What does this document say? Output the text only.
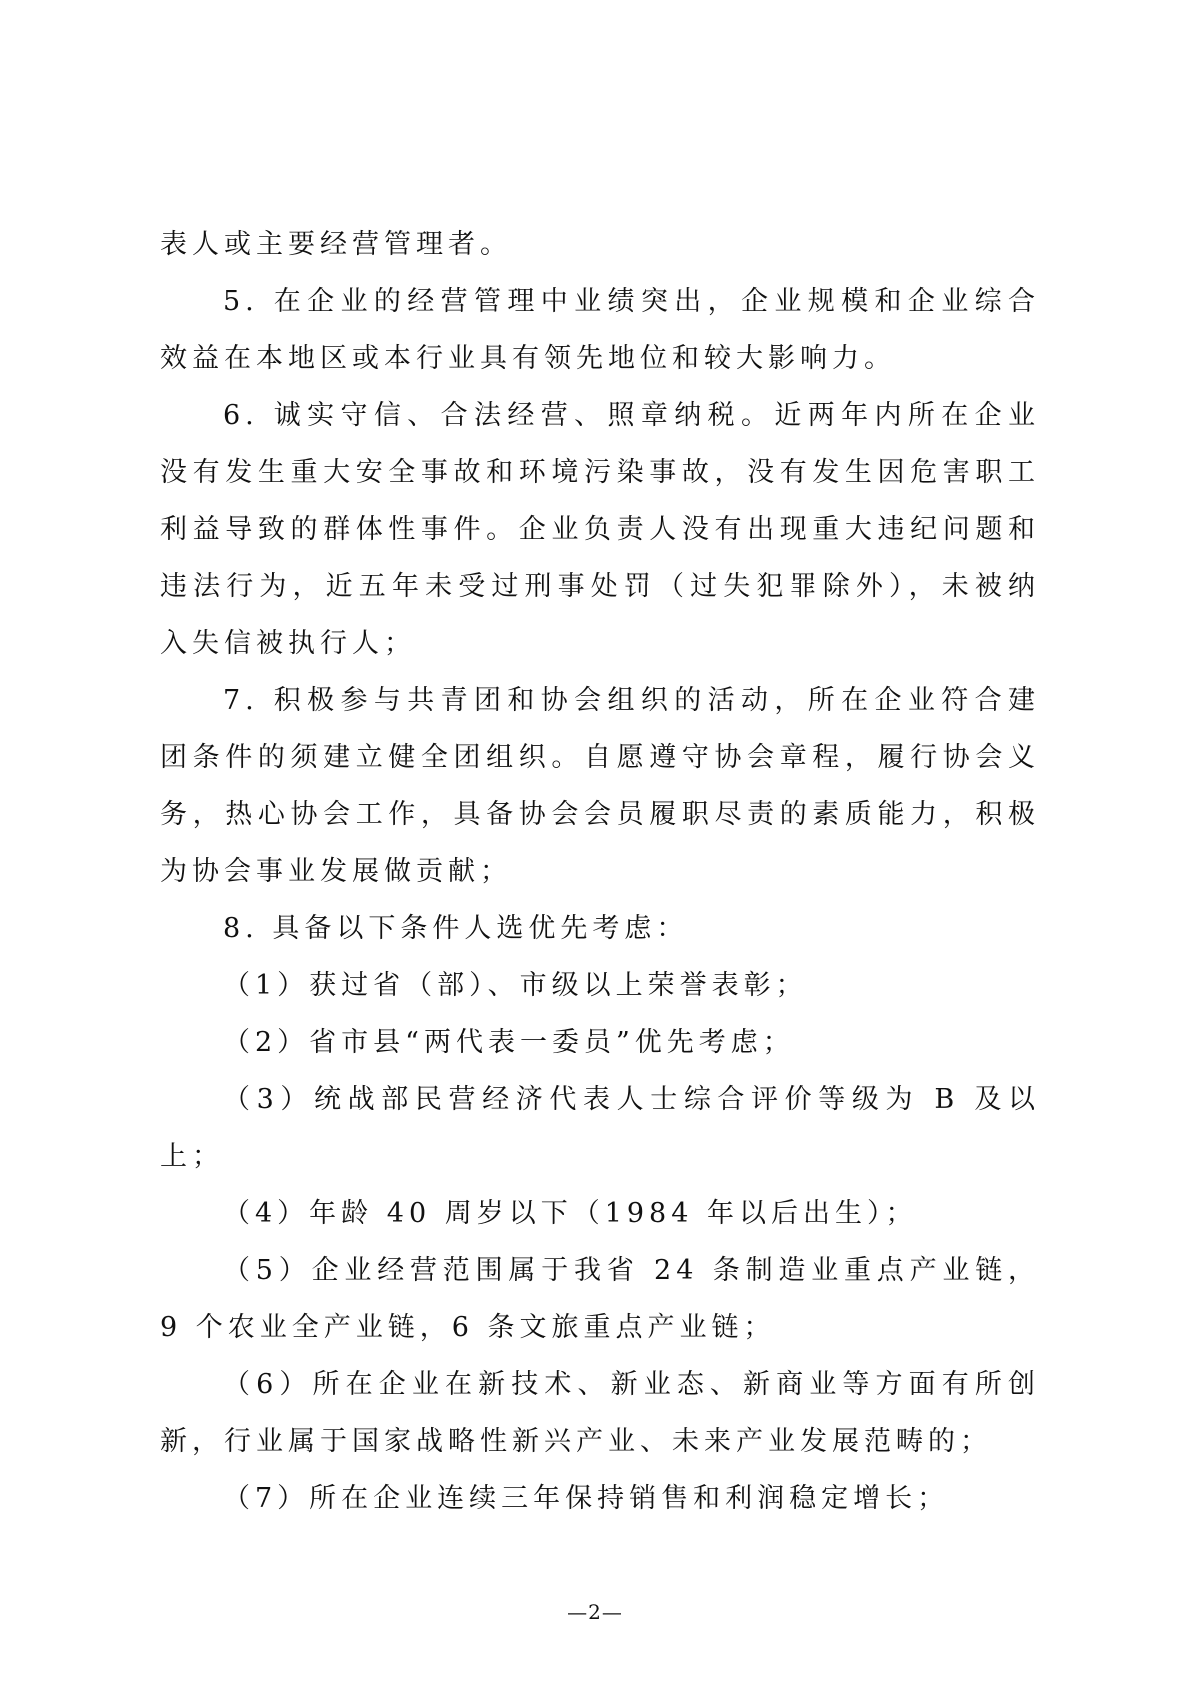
表人或主要经营管理者。

5. 在企业的经营管理中业绩突出，企业规模和企业综合效益在本地区或本行业具有领先地位和较大影响力。

6. 诚实守信、合法经营、照章纳税。近两年内所在企业没有发生重大安全事故和环境污染事故，没有发生因危害职工利益导致的群体性事件。企业负责人没有出现重大违纪问题和违法行为，近五年未受过刑事处罚（过失犯罪除外），未被纳入失信被执行人；

7. 积极参与共青团和协会组织的活动，所在企业符合建团条件的须建立健全团组织。自愿遵守协会章程，履行协会义务，热心协会工作，具备协会会员履职尽责的素质能力，积极为协会事业发展做贡献；

8. 具备以下条件人选优先考虑：

（1）获过省（部）、市级以上荣誉表彰；

（2）省市县“两代表一委员”优先考虑；

（3）统战部民营经济代表人士综合评价等级为 B 及以上；

（4）年龄 40 周岁以下（1984 年以后出生）；

（5）企业经营范围属于我省 24 条制造业重点产业链，9 个农业全产业链，6 条文旅重点产业链；

（6）所在企业在新技术、新业态、新商业等方面有所创新，行业属于国家战略性新兴产业、未来产业发展范畴的；

（7）所在企业连续三年保持销售和利润稳定增长；

—2—
